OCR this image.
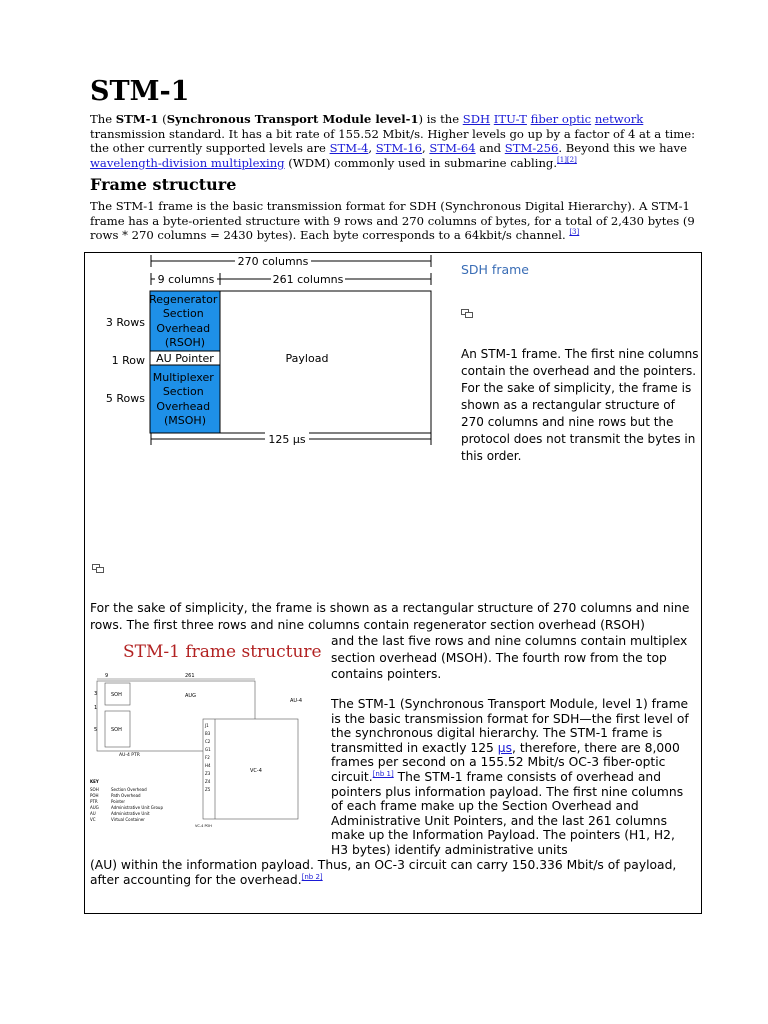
STM-1

The STM-1 (Synchronous Transport Module level-1) is the SDH ITU-T fiber optic network transmission standard. It has a bit rate of 155.52 Mbit/s. Higher levels go up by a factor of 4 at a time: the other currently supported levels are STM-4, STM-16, STM-64 and STM-256. Beyond this we have wavelength-division multiplexing (WDM) commonly used in submarine cabling.[1][2]

Frame structure

The STM-1 frame is the basic transmission format for SDH (Synchronous Digital Hierarchy). A STM-1 frame has a byte-oriented structure with 9 rows and 270 columns of bytes, for a total of 2,430 bytes (9 rows * 270 columns = 2430 bytes). Each byte corresponds to a 64kbit/s channel. [3]

270 columns
9 columns	261 columns
Regenerator Section Overhead (RSOH)
AU Pointer
Multiplexer Section Overhead (MSOH)
Payload
3 Rows
1 Row
5 Rows
125 µs
SDH frame
An STM-1 frame. The first nine columns contain the overhead and the pointers. For the sake of simplicity, the frame is shown as a rectangular structure of 270 columns and nine rows but the protocol does not transmit the bytes in this order.
For the sake of simplicity, the frame is shown as a rectangular structure of 270 columns and nine rows. The first three rows and nine columns contain regenerator section overhead (RSOH)
and the last five rows and nine columns contain multiplex section overhead (MSOH). The fourth row from the top contains pointers.
STM-1 frame structure
9	261
SOH
SOH
3
1
5
AUG
AU-4
AU-4 PTR
VC-4
VC-4 POH
J1
B3
C2
G1
F2
H4
Z3
Z4
Z5
KEY
SOH	Section Overhead
POH	Path Overhead
PTR	Pointer
AUG	Administrative Unit Group
AU	Administrative Unit
VC	Virtual Container
The STM-1 (Synchronous Transport Module, level 1) frame is the basic transmission format for SDH—the first level of the synchronous digital hierarchy. The STM-1 frame is transmitted in exactly 125 µs, therefore, there are 8,000 frames per second on a 155.52 Mbit/s OC-3 fiber-optic circuit.[nb 1] The STM-1 frame consists of overhead and pointers plus information payload. The first nine columns of each frame make up the Section Overhead and Administrative Unit Pointers, and the last 261 columns make up the Information Payload. The pointers (H1, H2, H3 bytes) identify administrative units
(AU) within the information payload. Thus, an OC-3 circuit can carry 150.336 Mbit/s of payload, after accounting for the overhead.[nb 2]
